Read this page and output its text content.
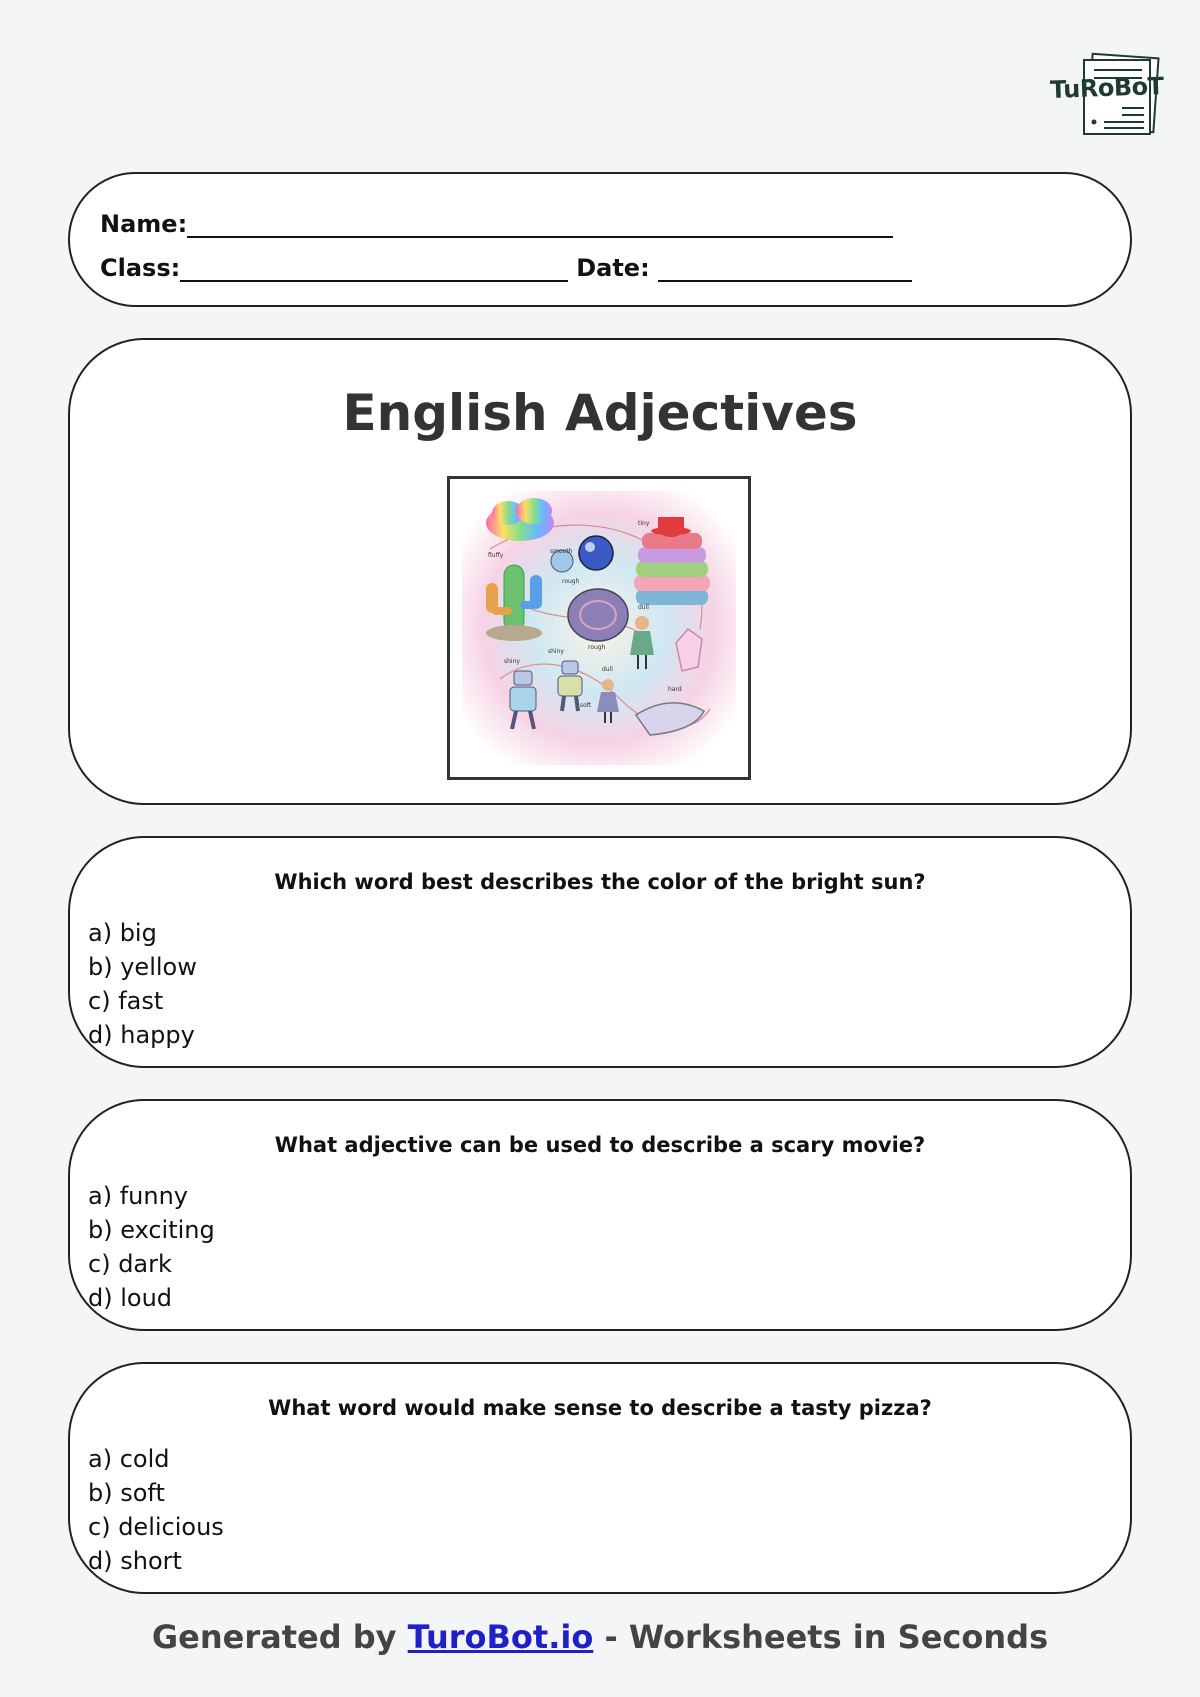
TuRoBoT
Name:
Class:	Date:
English Adjectives
fluffy
smooth
tiny
rough
dull
shiny
shiny
rough
dull
soft
hard
Which word best describes the color of the bright sun?
a) big
b) yellow
c) fast
d) happy
What adjective can be used to describe a scary movie?
a) funny
b) exciting
c) dark
d) loud
What word would make sense to describe a tasty pizza?
a) cold
b) soft
c) delicious
d) short
Generated by TuroBot.io - Worksheets in Seconds
